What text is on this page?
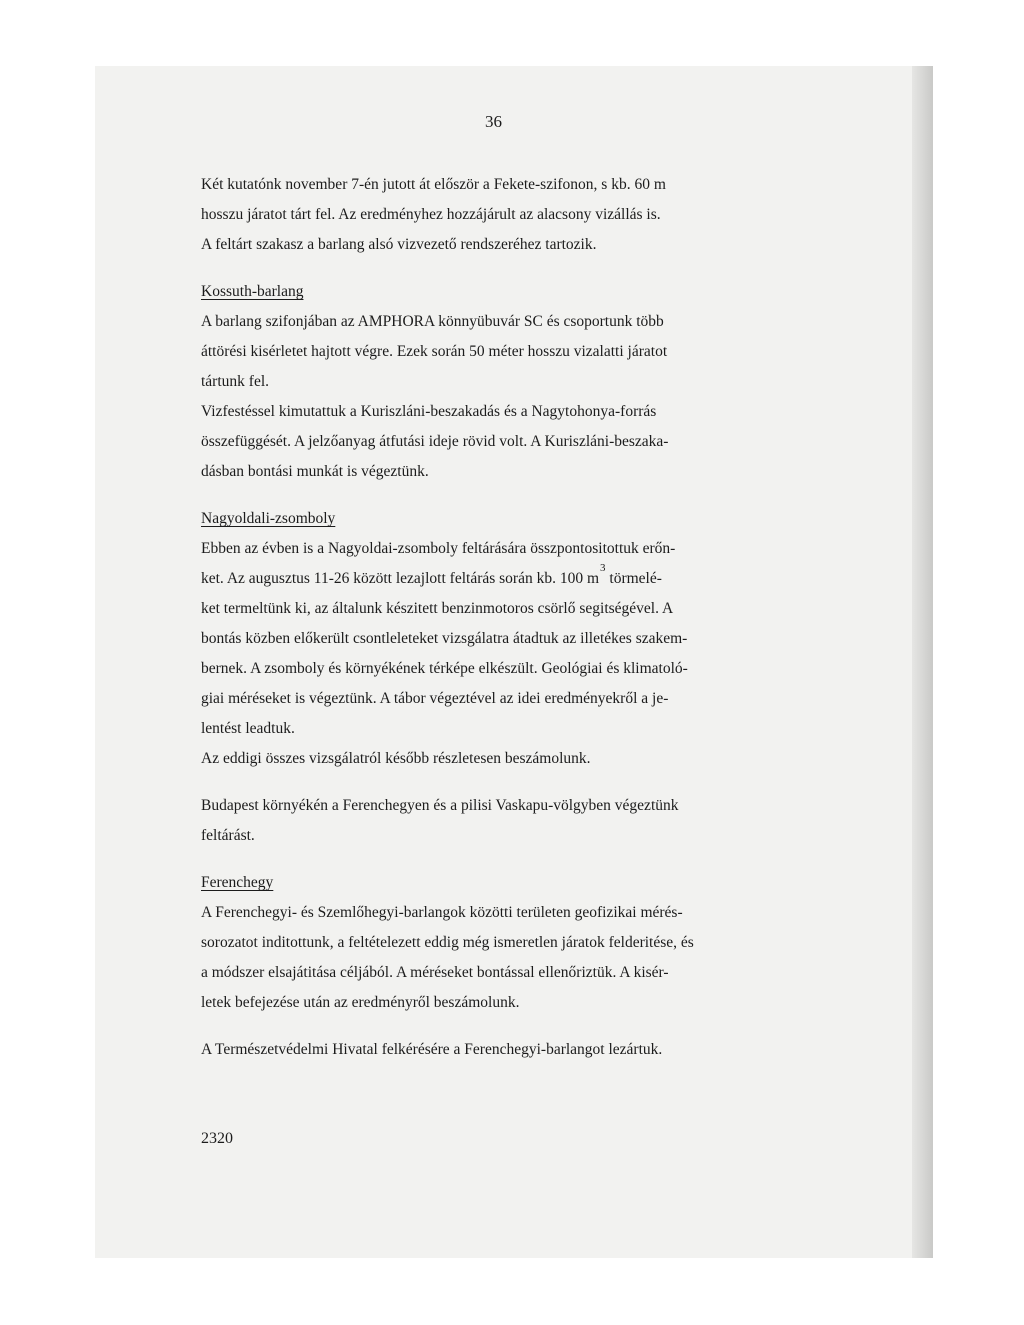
36

Két kutatónk november 7-én jutott át először a Fekete-szifonon, s kb. 60 m
hosszu járatot tárt fel. Az eredményhez hozzájárult az alacsony vizállás is.
A feltárt szakasz a barlang alsó vizvezető rendszeréhez tartozik.

Kossuth-barlang

A barlang szifonjában az AMPHORA könnyübuvár SC és csoportunk több
áttörési kisérletet hajtott végre. Ezek során 50 méter hosszu vizalatti járatot
tártunk fel.

Vizfestéssel kimutattuk a Kuriszláni-beszakadás és a Nagytohonya-forrás
összefüggését. A jelzőanyag átfutási ideje rövid volt. A Kuriszláni-beszaka-
dásban bontási munkát is végeztünk.

Nagyoldali-zsomboly

Ebben az évben is a Nagyoldai-zsomboly feltárására összpontositottuk erőn-
ket. Az augusztus 11-26 között lezajlott feltárás során kb. 100 $m^3$ törmelé-
ket termeltünk ki, az általunk készitett benzinmotoros csörlő segitségével. A
bontás közben előkerült csontleleteket vizsgálatra átadtuk az illetékes szakem-
bernek. A zsomboly és környékének térképe elkészült. Geológiai és klimatoló-
giai méréseket is végeztünk. A tábor végeztével az idei eredményekről a je-
lentést leadtuk.

Az eddigi összes vizsgálatról később részletesen beszámolunk.

Budapest környékén a Ferenchegyen és a pilisi Vaskapu-völgyben végeztünk
feltárást.

Ferenchegy

A Ferenchegyi- és Szemlőhegyi-barlangok közötti területen geofizikai mérés-
sorozatot inditottunk, a feltételezett eddig még ismeretlen járatok felderitése, és
a módszer elsajátitása céljából. A méréseket bontással ellenőriztük. A kisér-
letek befejezése után az eredményről beszámolunk.

A Természetvédelmi Hivatal felkérésére a Ferenchegyi-barlangot lezártuk.

2320
